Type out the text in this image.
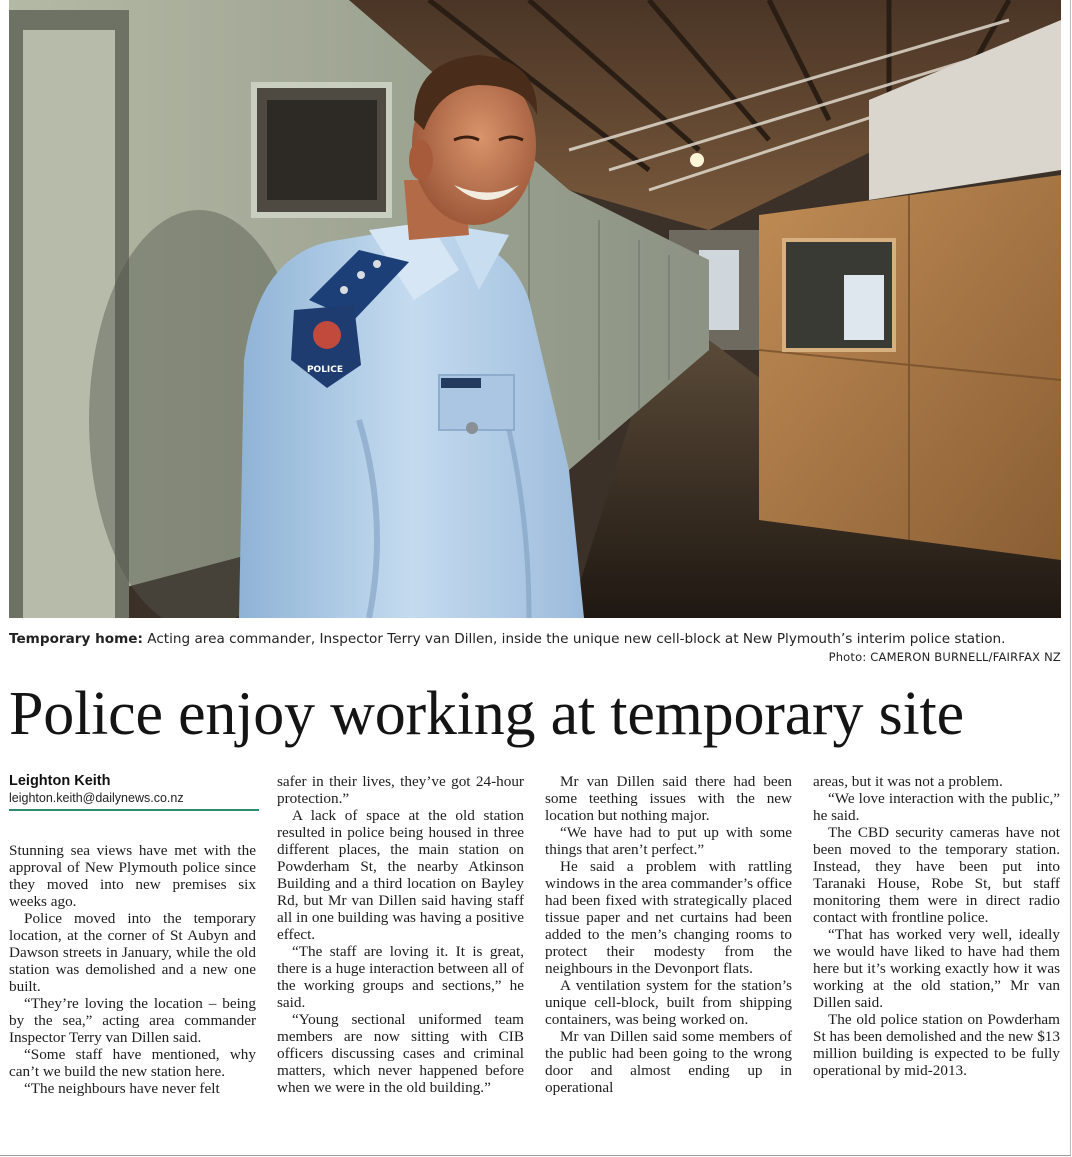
POLICE
Temporary home: Acting area commander, Inspector Terry van Dillen, inside the unique new cell-block at New Plymouth’s interim police station.
Photo: CAMERON BURNELL/FAIRFAX NZ
Police enjoy working at temporary site
Leighton Keith
leighton.keith@dailynews.co.nz

Stunning sea views have met with the approval of New Plymouth police since they moved into new premises six weeks ago.

Police moved into the temporary location, at the corner of St Aubyn and Dawson streets in January, while the old station was demolished and a new one built.

“They’re loving the location – being by the sea,” acting area commander Inspector Terry van Dillen said.

“Some staff have mentioned, why can’t we build the new station here.

“The neighbours have never felt

safer in their lives, they’ve got 24-hour protection.”

A lack of space at the old station resulted in police being housed in three different places, the main station on Powderham St, the nearby Atkinson Building and a third location on Bayley Rd, but Mr van Dillen said having staff all in one building was having a positive effect.

“The staff are loving it. It is great, there is a huge interaction between all of the working groups and sections,” he said.

“Young sectional uniformed team members are now sitting with CIB officers discussing cases and criminal matters, which never happened before when we were in the old building.”

Mr van Dillen said there had been some teething issues with the new location but nothing major.

“We have had to put up with some things that aren’t perfect.”

He said a problem with rattling windows in the area commander’s office had been fixed with strategically placed tissue paper and net curtains had been added to the men’s changing rooms to protect their modesty from the neighbours in the Devonport flats.

A ventilation system for the station’s unique cell-block, built from shipping containers, was being worked on.

Mr van Dillen said some members of the public had been going to the wrong door and almost ending up in operational

areas, but it was not a problem.

“We love interaction with the public,” he said.

The CBD security cameras have not been moved to the temporary station. Instead, they have been put into Taranaki House, Robe St, but staff monitoring them were in direct radio contact with frontline police.

“That has worked very well, ideally we would have liked to have had them here but it’s working exactly how it was working at the old station,” Mr van Dillen said.

The old police station on Powderham St has been demolished and the new $13 million building is expected to be fully operational by mid-2013.
